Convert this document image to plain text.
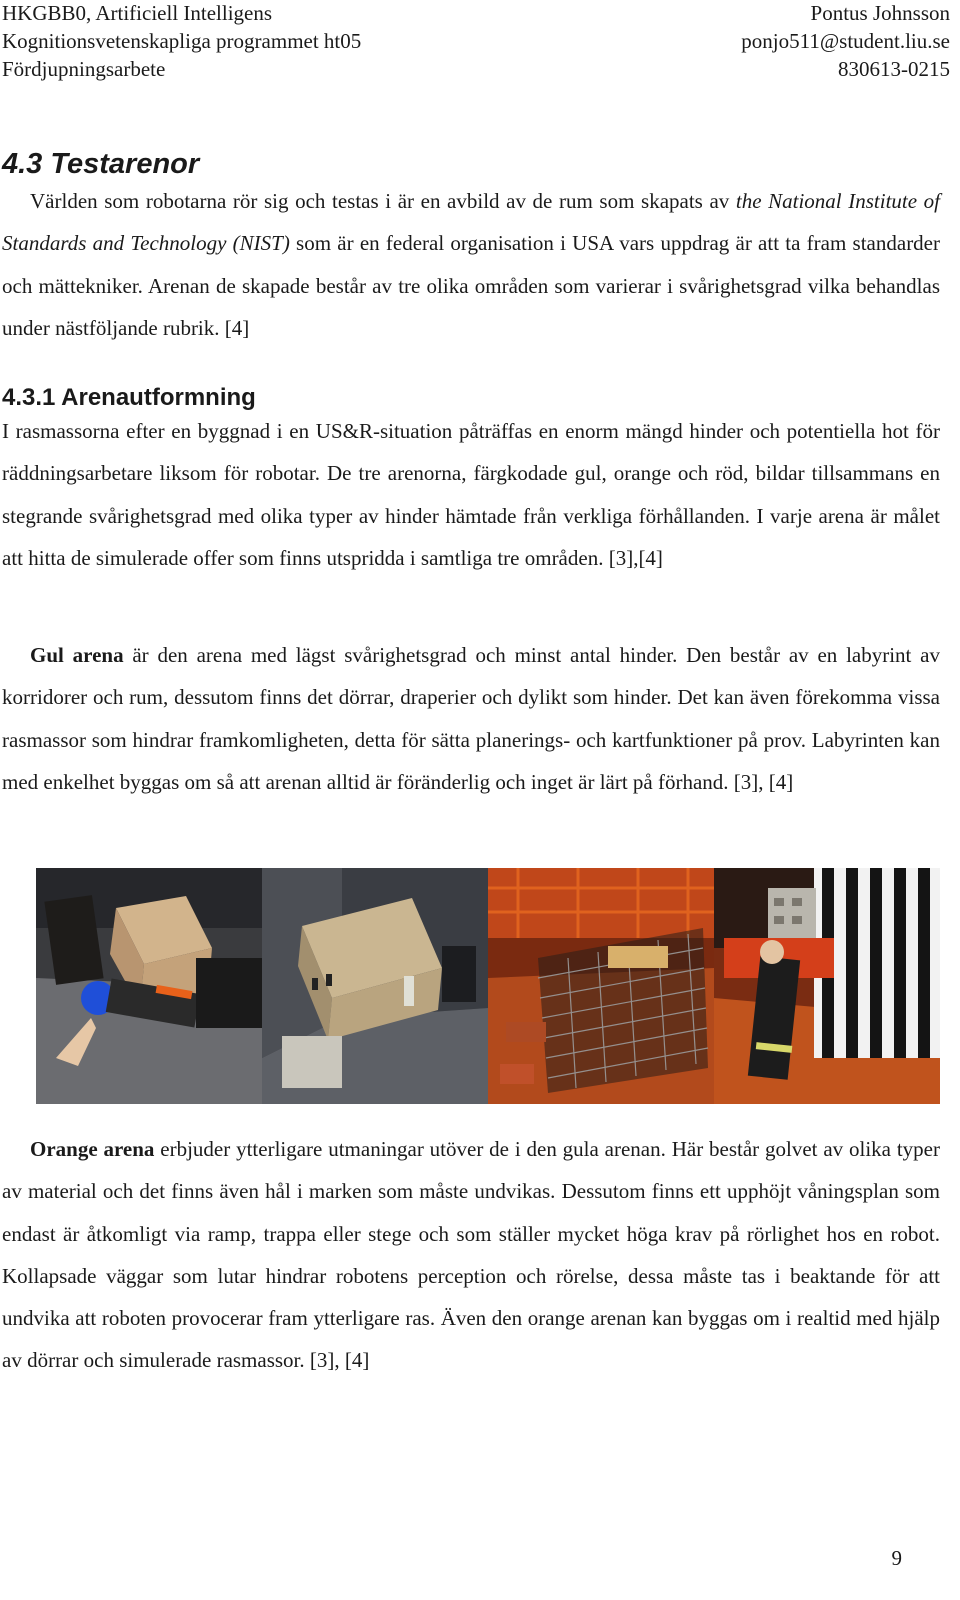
HKGBB0, Artificiell Intelligens
Kognitionsvetenskapliga programmet ht05
Fördjupningsarbete
Pontus Johnsson
ponjo511@student.liu.se
830613-0215
4.3 Testarenor

Världen som robotarna rör sig och testas i är en avbild av de rum som skapats av the National Institute of Standards and Technology (NIST) som är en federal organisation i USA vars uppdrag är att ta fram standarder och mättekniker. Arenan de skapade består av tre olika områden som varierar i svårighetsgrad vilka behandlas under nästföljande rubrik. [4]

4.3.1 Arenautformning

I rasmassorna efter en byggnad i en US&R-situation påträffas en enorm mängd hinder och potentiella hot för räddningsarbetare liksom för robotar. De tre arenorna, färgkodade gul, orange och röd, bildar tillsammans en stegrande svårighetsgrad med olika typer av hinder hämtade från verkliga förhållanden. I varje arena är målet att hitta de simulerade offer som finns utspridda i samtliga tre områden. [3],[4]

Gul arena är den arena med lägst svårighetsgrad och minst antal hinder. Den består av en labyrint av korridorer och rum, dessutom finns det dörrar, draperier och dylikt som hinder. Det kan även förekomma vissa rasmassor som hindrar framkomligheten, detta för sätta planerings- och kartfunktioner på prov. Labyrinten kan med enkelhet byggas om så att arenan alltid är föränderlig och inget är lärt på förhand. [3], [4]

Orange arena erbjuder ytterligare utmaningar utöver de i den gula arenan. Här består golvet av olika typer av material och det finns även hål i marken som måste undvikas. Dessutom finns ett upphöjt våningsplan som endast är åtkomligt via ramp, trappa eller stege och som ställer mycket höga krav på rörlighet hos en robot. Kollapsade väggar som lutar hindrar robotens perception och rörelse, dessa måste tas i beaktande för att undvika att roboten provocerar fram ytterligare ras. Även den orange arenan kan byggas om i realtid med hjälp av dörrar och simulerade rasmassor. [3], [4]

9
